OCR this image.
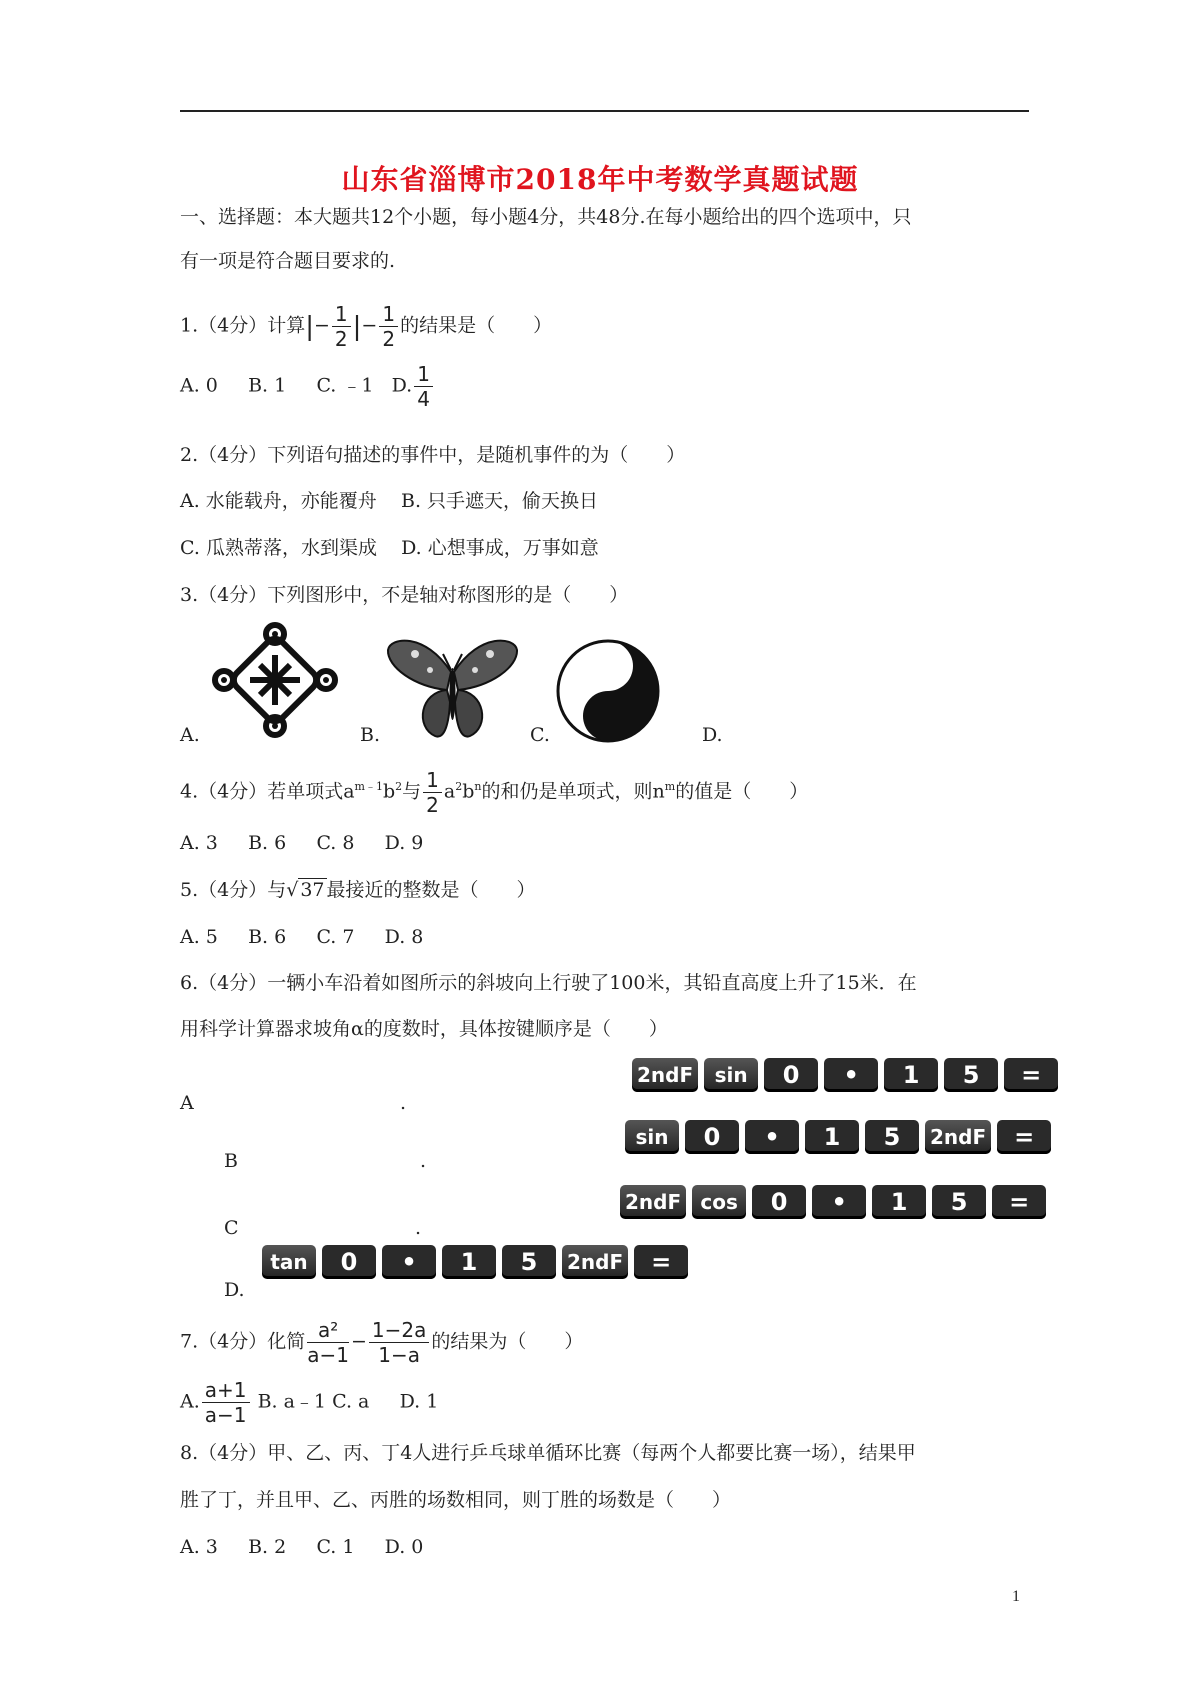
山东省淄博市2018年中考数学真题试题
一、选择题：本大题共12个小题，每小题4分，共48分.在每小题给出的四个选项中，只
有一项是符合题目要求的.
1.（4分）计算|− $\frac{1}{2}$ |− $\frac{1}{2}$ 的结果是（　　）
A. 0 B. 1 C. ﹣1 D. $\frac{1}{4}$
2.（4分）下列语句描述的事件中，是随机事件的为（　　）
A. 水能载舟，亦能覆舟 B. 只手遮天，偷天换日
C. 瓜熟蒂落，水到渠成 D. 心想事成，万事如意
3.（4分）下列图形中，不是轴对称图形的是（　　）
A.	B.	C.	D.
4.（4分）若单项式$a^{m﹣1}b^2$与 $\frac{1}{2} a^2b^n$的和仍是单项式，则$n^m$的值是（　　）
A. 3 B. 6 C. 8 D. 9
5.（4分）与√ 37 最接近的整数是（　　）
A. 5 B. 6 C. 7 D. 8
6.（4分）一辆小车沿着如图所示的斜坡向上行驶了100米，其铅直高度上升了15米．在
用科学计算器求坡角α的度数时，具体按键顺序是（　　）
A	.
2ndF	sin	0	•	1	5	=
B	.
sin	0	•	1	5	2ndF	=
C	.
2ndF cos	0	•	1	5	=
D.
tan	0	•	1	5	2ndF	=
7.（4分）化简 $\frac{\text{a²}}{a-1} - \frac{1-2a}{1-a}$ 的结果为（　　）
A. $\frac{a+1}{a-1} B$. a﹣1 C. a D. 1
8.（4分）甲、乙、丙、丁4人进行乒乓球单循环比赛（每两个人都要比赛一场），结果甲
胜了丁，并且甲、乙、丙胜的场数相同，则丁胜的场数是（　　）
A. 3 B. 2 C. 1 D. 0
1
